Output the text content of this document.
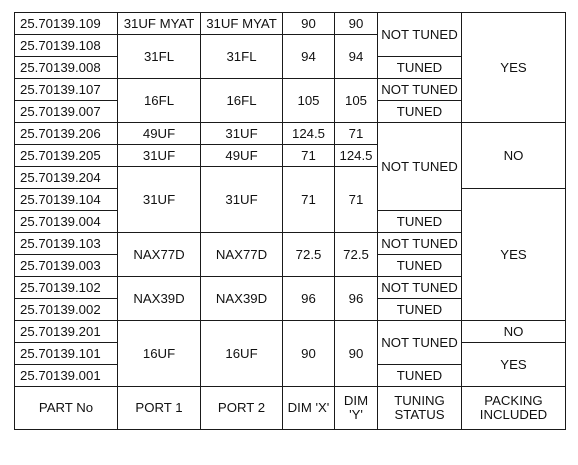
25.70139.109	31UF MYAT	31UF MYAT	90	90	NOT TUNED	YES
25.70139.108	31FL	31FL	94	94		
25.70139.008					TUNED	
25.70139.107	16FL	16FL	105	105	NOT TUNED	
25.70139.007					TUNED	
25.70139.206	49UF	31UF	124.5	71	NOT TUNED	NO
25.70139.205	31UF	49UF	71	124.5		
25.70139.204	31UF	31UF	71	71		
25.70139.104						YES
25.70139.004					TUNED	
25.70139.103	NAX77D	NAX77D	72.5	72.5	NOT TUNED	
25.70139.003					TUNED	
25.70139.102	NAX39D	NAX39D	96	96	NOT TUNED	
25.70139.002					TUNED	
25.70139.201	16UF	16UF	90	90	NOT TUNED	NO
25.70139.101						YES
25.70139.001					TUNED	
PART No	PORT 1	PORT 2	DIM 'X'	DIM 'Y'	TUNING STATUS	PACKING INCLUDED
